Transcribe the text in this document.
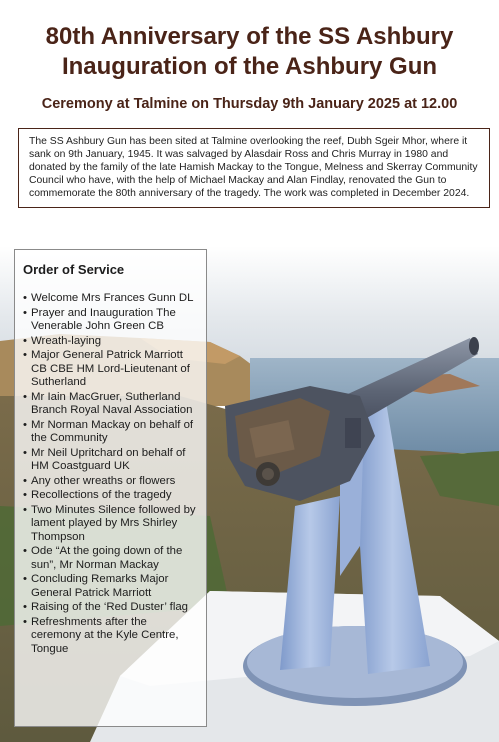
80th Anniversary of the SS Ashbury
Inauguration of the Ashbury Gun

Ceremony at Talmine on Thursday 9th January 2025 at 12.00

The SS Ashbury Gun has been sited at Talmine overlooking the reef, Dubh Sgeir Mhor, where it sank on 9th January, 1945. It was salvaged by Alasdair Ross and Chris Murray in 1980 and donated by the family of the late Hamish Mackay to the Tongue, Melness and Skerray Community Council who have, with the help of Michael Mackay and Alan Findlay, renovated the Gun to commemorate the 80th anniversary of the tragedy. The work was completed in December 2024.
Order of Service
• Welcome Mrs Frances Gunn DL
• Prayer and Inauguration The Venerable John Green CB
• Wreath-laying
• Major General Patrick Marriott CB CBE HM Lord-Lieutenant of Sutherland
• Mr Iain MacGruer, Sutherland Branch Royal Naval Association
• Mr Norman Mackay on behalf of the Community
• Mr Neil Upritchard on behalf of HM Coastguard UK
• Any other wreaths or flowers
• Recollections of the tragedy
• Two Minutes Silence followed by lament played by Mrs Shirley Thompson
• Ode “At the going down of the sun”, Mr Norman Mackay
• Concluding Remarks Major General Patrick Marriott
• Raising of the ‘Red Duster’ flag
• Refreshments after the ceremony at the Kyle Centre, Tongue
